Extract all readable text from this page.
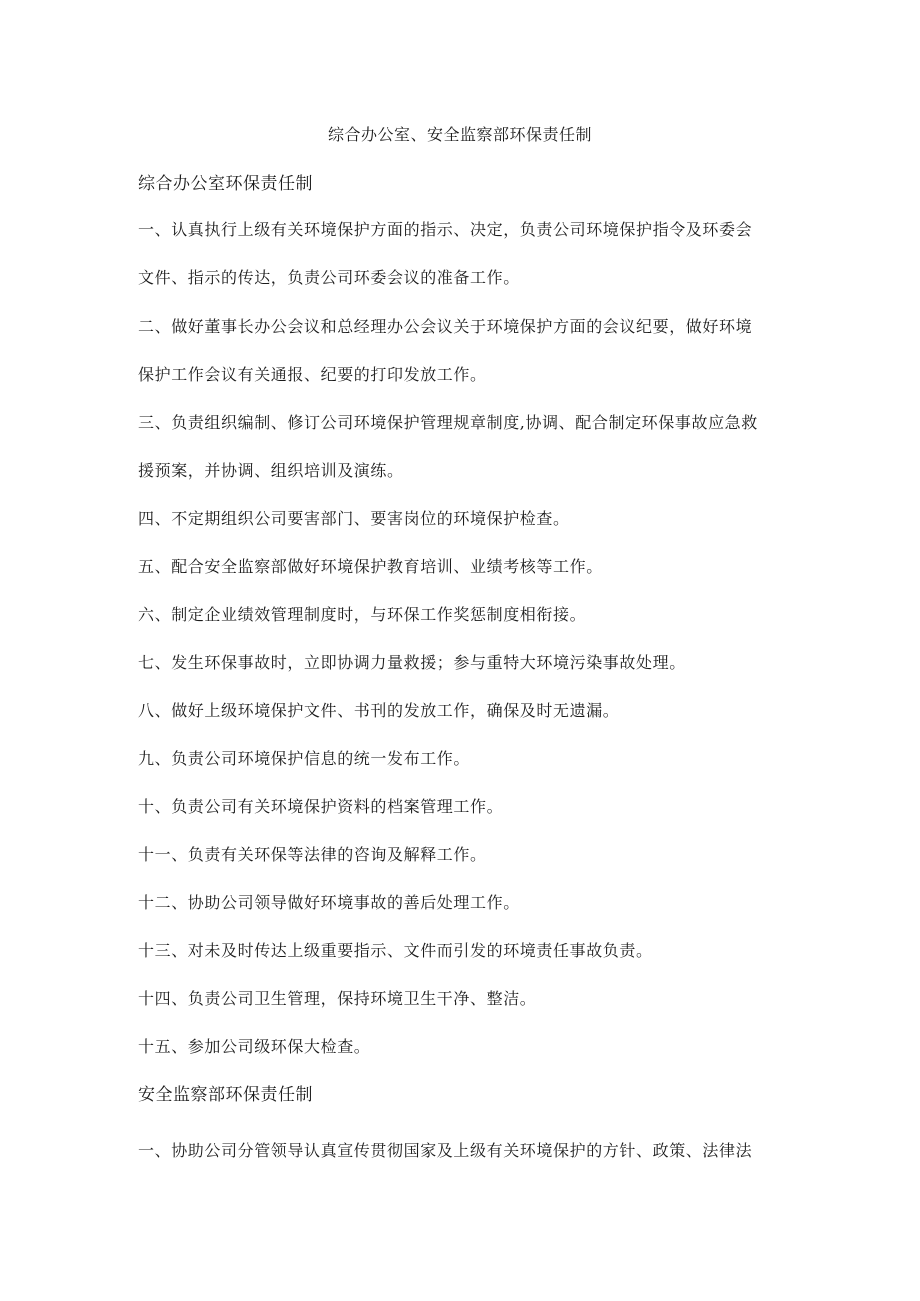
综合办公室、安全监察部环保责任制
综合办公室环保责任制
一、认真执行上级有关环境保护方面的指示、决定，负责公司环境保护指令及环委会
文件、指示的传达，负责公司环委会议的准备工作。
二、做好董事长办公会议和总经理办公会议关于环境保护方面的会议纪要，做好环境
保护工作会议有关通报、纪要的打印发放工作。
三、负责组织编制、修订公司环境保护管理规章制度,协调、配合制定环保事故应急救
援预案，并协调、组织培训及演练。
四、不定期组织公司要害部门、要害岗位的环境保护检查。
五、配合安全监察部做好环境保护教育培训、业绩考核等工作。
六、制定企业绩效管理制度时，与环保工作奖惩制度相衔接。
七、发生环保事故时，立即协调力量救援；参与重特大环境污染事故处理。
八、做好上级环境保护文件、书刊的发放工作，确保及时无遗漏。
九、负责公司环境保护信息的统一发布工作。
十、负责公司有关环境保护资料的档案管理工作。
十一、负责有关环保等法律的咨询及解释工作。
十二、协助公司领导做好环境事故的善后处理工作。
十三、对未及时传达上级重要指示、文件而引发的环境责任事故负责。
十四、负责公司卫生管理，保持环境卫生干净、整洁。
十五、参加公司级环保大检查。
安全监察部环保责任制
一、协助公司分管领导认真宣传贯彻国家及上级有关环境保护的方针、政策、法律法
